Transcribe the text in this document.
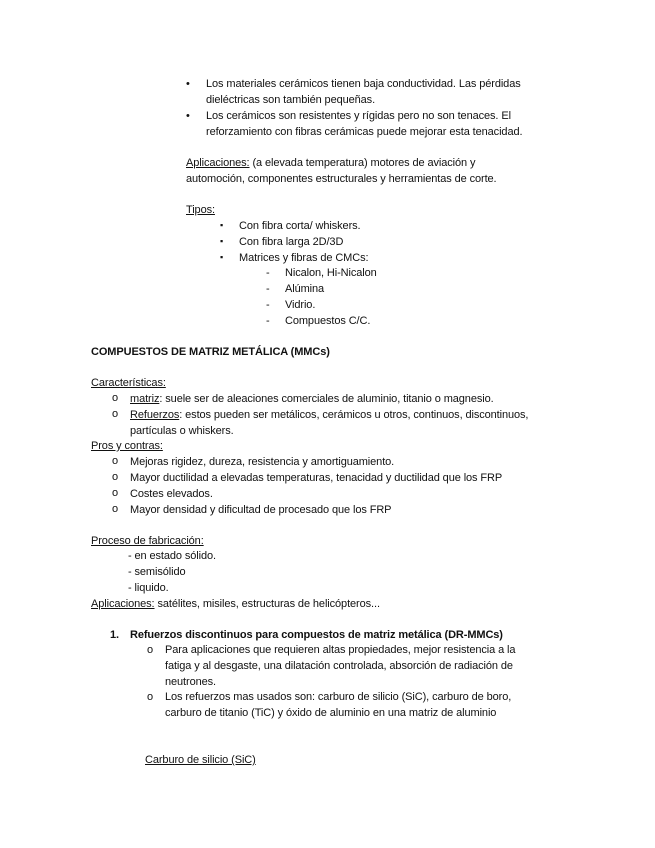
• Los materiales cerámicos tienen baja conductividad. Las pérdidas
dieléctricas son también pequeñas.
• Los cerámicos son resistentes y rígidas pero no son tenaces. El
reforzamiento con fibras cerámicas puede mejorar esta tenacidad.
Aplicaciones: (a elevada temperatura) motores de aviación y
automoción, componentes estructurales y herramientas de corte.
Tipos:
▪ Con fibra corta/ whiskers.
▪ Con fibra larga 2D/3D
▪ Matrices y fibras de CMCs:
- Nicalon, Hi-Nicalon
- Alúmina
- Vidrio.
- Compuestos C/C.
COMPUESTOS DE MATRIZ METÁLICA (MMCs)
Características:
o matriz: suele ser de aleaciones comerciales de aluminio, titanio o magnesio.
o Refuerzos: estos pueden ser metálicos, cerámicos u otros, continuos, discontinuos,
partículas o whiskers.
Pros y contras:
o Mejoras rigidez, dureza, resistencia y amortiguamiento.
o Mayor ductilidad a elevadas temperaturas, tenacidad y ductilidad que los FRP
o Costes elevados.
o Mayor densidad y dificultad de procesado que los FRP
Proceso de fabricación:
- en estado sólido.
- semisólido
- liquido.
Aplicaciones: satélites, misiles, estructuras de helicópteros...
1. Refuerzos discontinuos para compuestos de matriz metálica (DR-MMCs)
o Para aplicaciones que requieren altas propiedades, mejor resistencia a la
fatiga y al desgaste, una dilatación controlada, absorción de radiación de
neutrones.
o Los refuerzos mas usados son: carburo de silicio (SiC), carburo de boro,
carburo de titanio (TiC) y óxido de aluminio en una matriz de aluminio
Carburo de silicio (SiC)
